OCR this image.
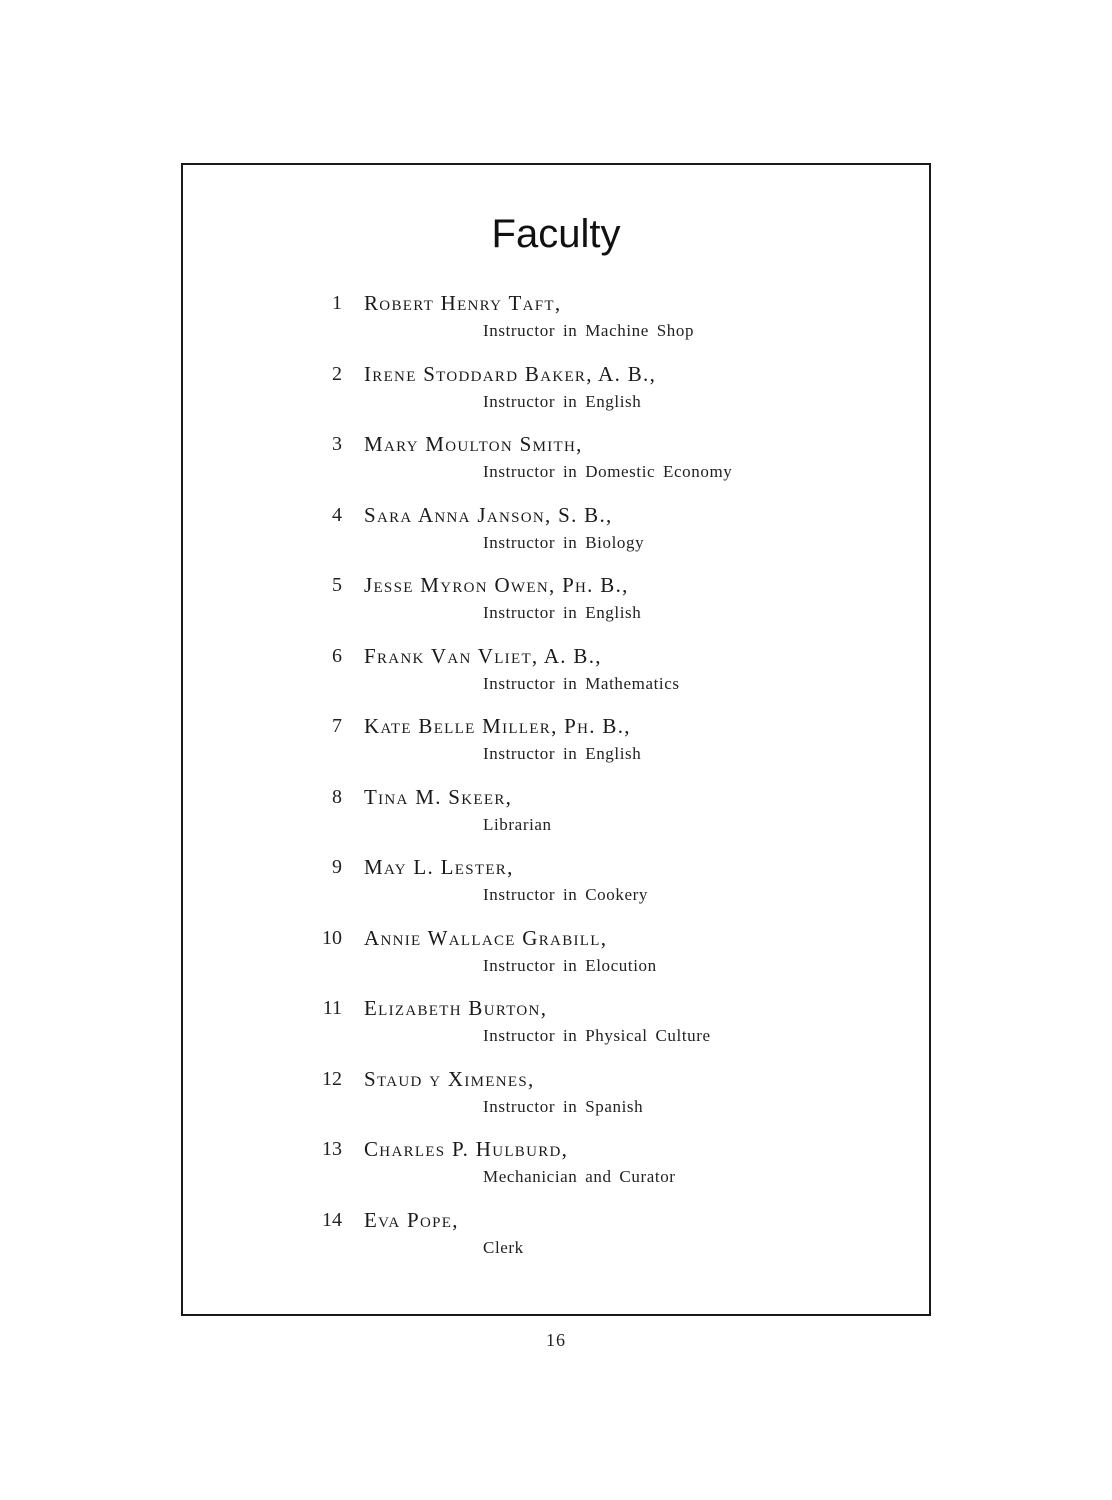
Faculty
1 Robert Henry Taft,
Instructor in Machine Shop
2 Irene Stoddard Baker, A. B.,
Instructor in English
3 Mary Moulton Smith,
Instructor in Domestic Economy
4 Sara Anna Janson, S. B.,
Instructor in Biology
5 Jesse Myron Owen, Ph. B.,
Instructor in English
6 Frank Van Vliet, A. B.,
Instructor in Mathematics
7 Kate Belle Miller, Ph. B.,
Instructor in English
8 Tina M. Skeer,
Librarian
9 May L. Lester,
Instructor in Cookery
10 Annie Wallace Grabill,
Instructor in Elocution
11 Elizabeth Burton,
Instructor in Physical Culture
12 Staud y Ximenes,
Instructor in Spanish
13 Charles P. Hulburd,
Mechanician and Curator
14 Eva Pope,
Clerk
16
